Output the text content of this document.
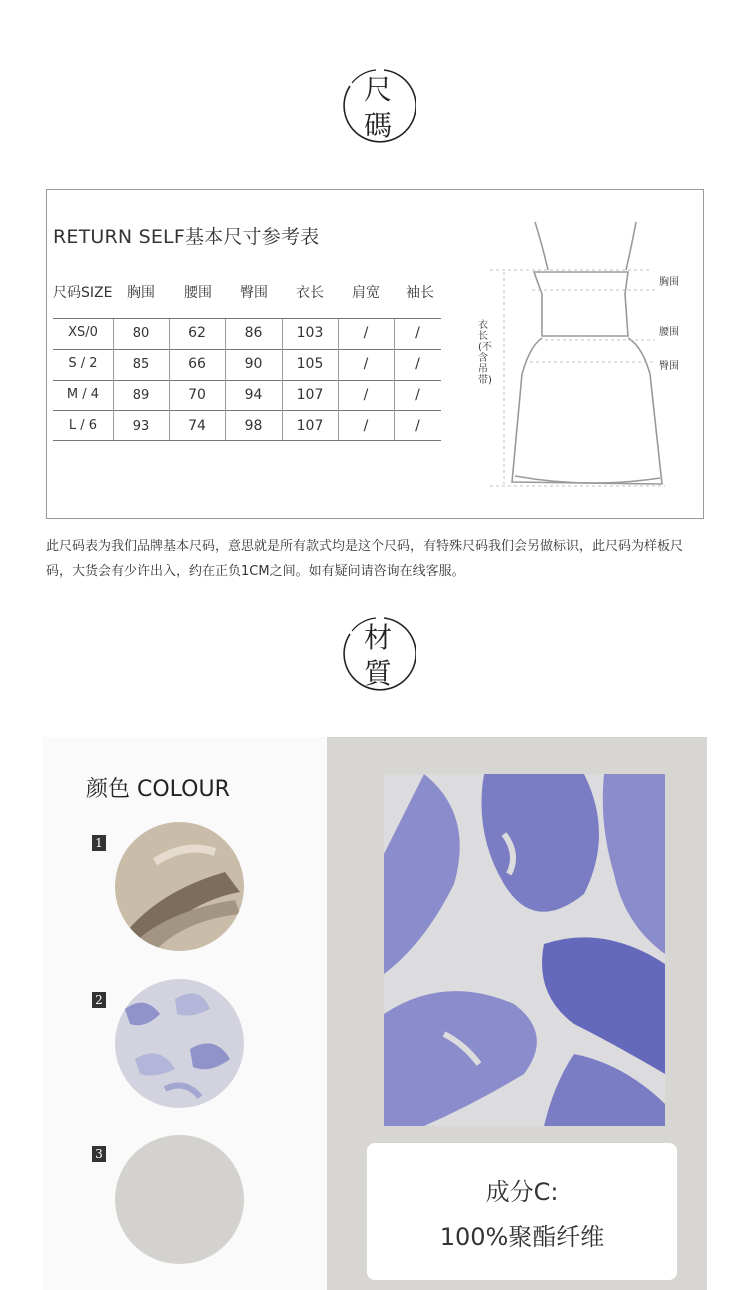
尺
碼
RETURN SELF基本尺寸参考表
尺码SIZE 胸围 腰围 臀围 衣长 肩宽 袖长
XS/0	80	62	86	103	/	/
S / 2	85	66	90	105	/	/
M / 4	89	70	94	107	/	/
L / 6	93	74	98	107	/	/
胸围
腰围
臀围
衣长(不含吊带)
此尺码表为我们品牌基本尺码，意思就是所有款式均是这个尺码，有特殊尺码我们会另做标识，此尺码为样板尺码，大货会有少许出入，约在正负1CM之间。如有疑问请咨询在线客服。
材
質
颜色 COLOUR
1
2
3
成分C:
100%聚酯纤维
